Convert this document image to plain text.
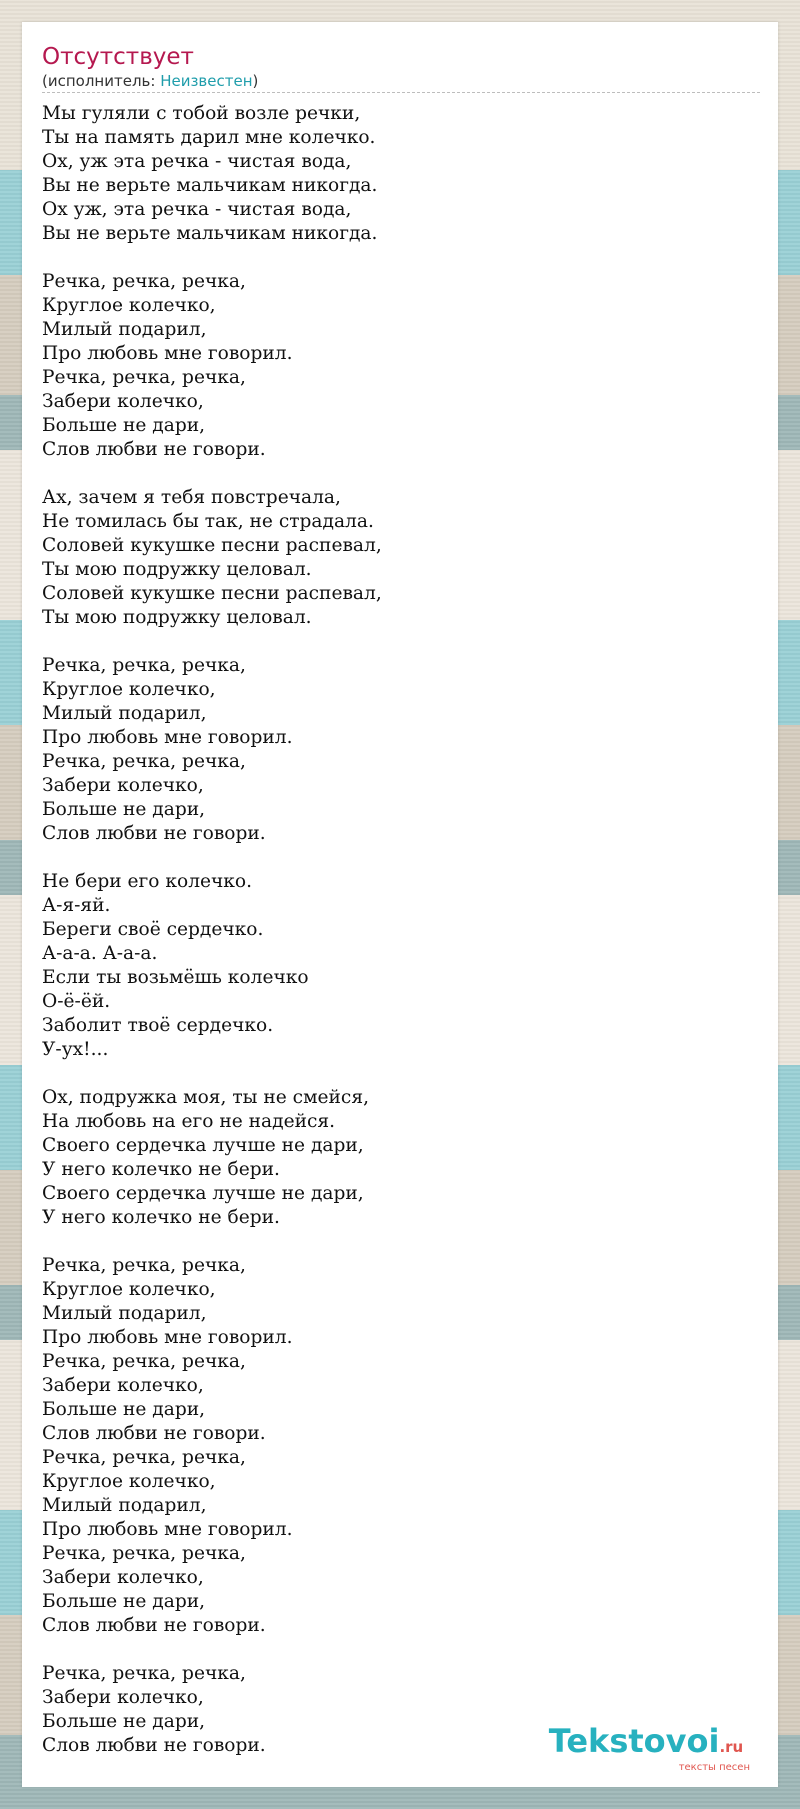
Отсутствует
(исполнитель: Неизвестен)
Мы гуляли с тобой возле речки,
Ты на память дарил мне колечко.
Ох, уж эта речка - чистая вода,
Вы не верьте мальчикам никогда.
Ох уж, эта речка - чистая вода,
Вы не верьте мальчикам никогда.
Речка, речка, речка,
Круглое колечко,
Милый подарил,
Про любовь мне говорил.
Речка, речка, речка,
Забери колечко,
Больше не дари,
Слов любви не говори.
Ах, зачем я тебя повстречала,
Не томилась бы так, не страдала.
Соловей кукушке песни распевал,
Ты мою подружку целовал.
Соловей кукушке песни распевал,
Ты мою подружку целовал.
Речка, речка, речка,
Круглое колечко,
Милый подарил,
Про любовь мне говорил.
Речка, речка, речка,
Забери колечко,
Больше не дари,
Слов любви не говори.
Не бери его колечко.
А-я-яй.
Береги своё сердечко.
А-а-а. А-а-а.
Если ты возьмёшь колечко
О-ё-ёй.
Заболит твоё сердечко.
У-ух!...
Ох, подружка моя, ты не смейся,
На любовь на его не надейся.
Своего сердечка лучше не дари,
У него колечко не бери.
Своего сердечка лучше не дари,
У него колечко не бери.
Речка, речка, речка,
Круглое колечко,
Милый подарил,
Про любовь мне говорил.
Речка, речка, речка,
Забери колечко,
Больше не дари,
Слов любви не говори.
Речка, речка, речка,
Круглое колечко,
Милый подарил,
Про любовь мне говорил.
Речка, речка, речка,
Забери колечко,
Больше не дари,
Слов любви не говори.
Речка, речка, речка,
Забери колечко,
Больше не дари,
Слов любви не говори.	Tekstovoi.ru
тексты песен
